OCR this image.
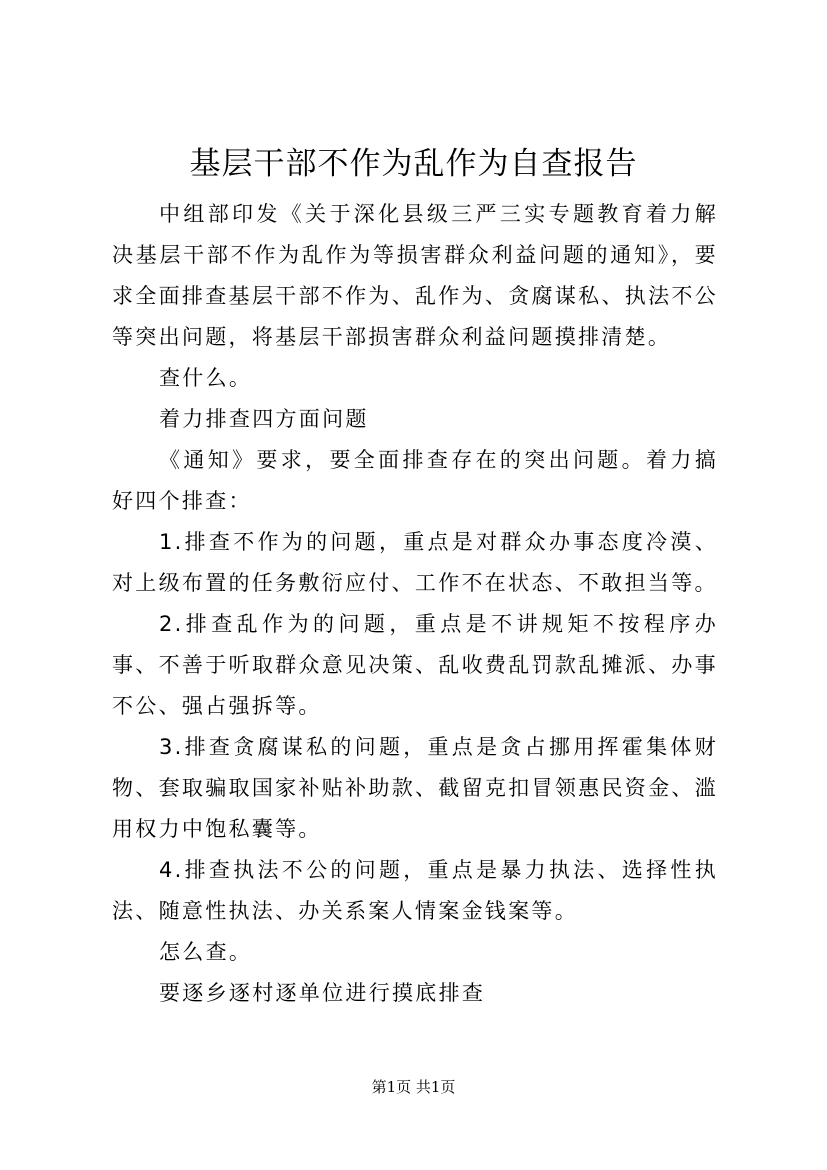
基层干部不作为乱作为自查报告

中组部印发《关于深化县级三严三实专题教育着力解决基层干部不作为乱作为等损害群众利益问题的通知》，要求全面排查基层干部不作为、乱作为、贪腐谋私、执法不公等突出问题，将基层干部损害群众利益问题摸排清楚。

查什么。

着力排查四方面问题

《通知》要求，要全面排查存在的突出问题。着力搞好四个排查：

1.排查不作为的问题，重点是对群众办事态度冷漠、对上级布置的任务敷衍应付、工作不在状态、不敢担当等。

2.排查乱作为的问题，重点是不讲规矩不按程序办事、不善于听取群众意见决策、乱收费乱罚款乱摊派、办事不公、强占强拆等。

3.排查贪腐谋私的问题，重点是贪占挪用挥霍集体财物、套取骗取国家补贴补助款、截留克扣冒领惠民资金、滥用权力中饱私囊等。

4.排查执法不公的问题，重点是暴力执法、选择性执法、随意性执法、办关系案人情案金钱案等。

怎么查。

要逐乡逐村逐单位进行摸底排查

第1页 共1页
